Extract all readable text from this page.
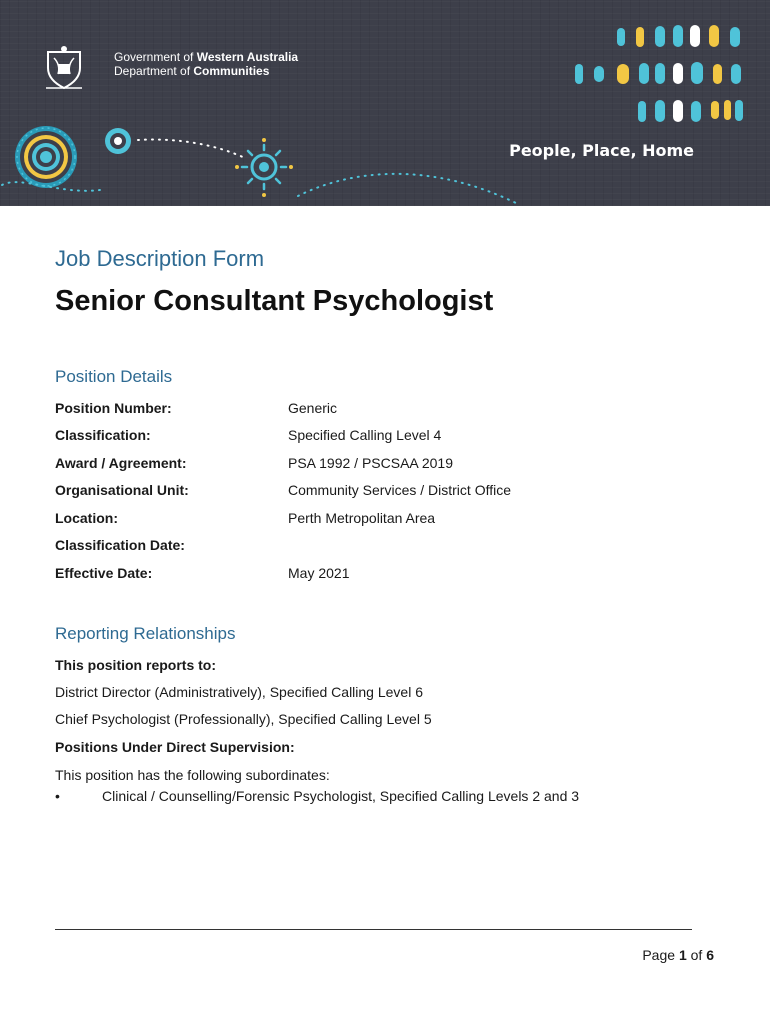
Government of Western Australia
Department of Communities
People, Place, Home
Job Description Form
Senior Consultant Psychologist
Position Details
Position Number:	Generic
Classification:	Specified Calling Level 4
Award / Agreement:	PSA 1992 / PSCSAA 2019
Organisational Unit:	Community Services / District Office
Location:	Perth Metropolitan Area
Classification Date:
Effective Date:	May 2021
Reporting Relationships
This position reports to:
District Director (Administratively), Specified Calling Level 6
Chief Psychologist (Professionally), Specified Calling Level 5
Positions Under Direct Supervision:
This position has the following subordinates:
•	Clinical / Counselling/Forensic Psychologist, Specified Calling Levels 2 and 3
Page 1 of 6
